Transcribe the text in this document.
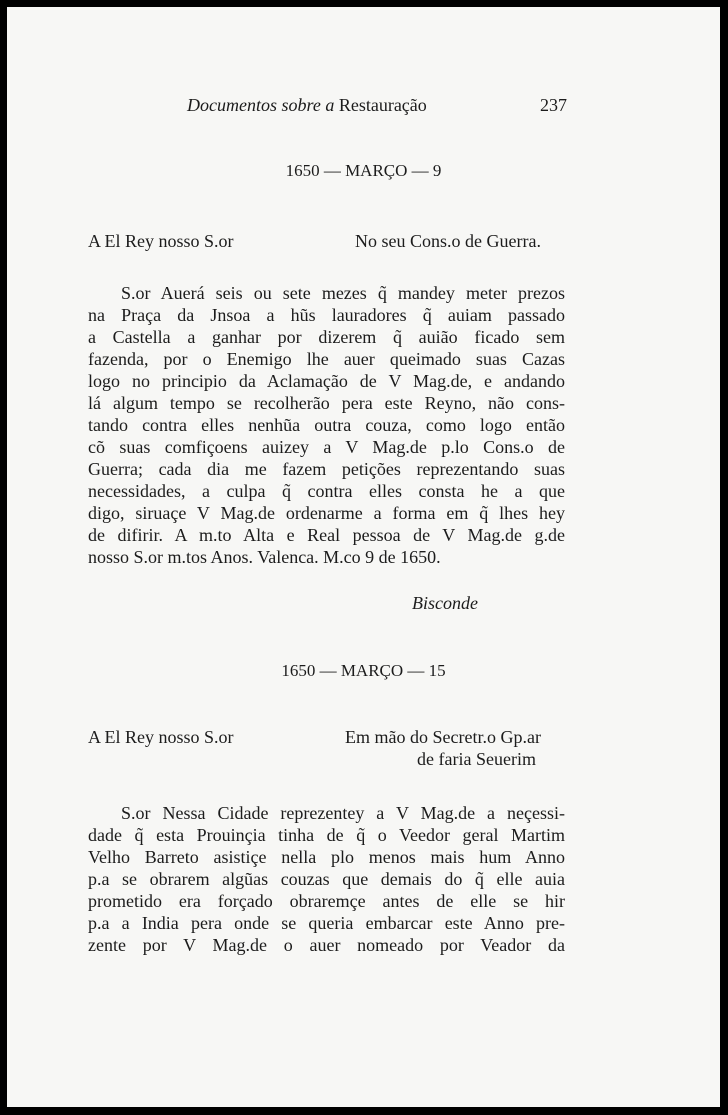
Documentos sobre a Restauração	237
1650 — MARÇO — 9
A El Rey nosso S.or	No seu Cons.o de Guerra.
S.or Auerá seis ou sete mezes q̃ mandey meter prezos
na Praça da Jnsoa a hũs lauradores q̃ auiam passado
a Castella a ganhar por dizerem q̃ auião ficado sem
fazenda, por o Enemigo lhe auer queimado suas Cazas
logo no principio da Aclamação de V Mag.de, e andando
lá algum tempo se recolherão pera este Reyno, não cons-
tando contra elles nenhũa outra couza, como logo então
cõ suas comfiçoens auizey a V Mag.de p.lo Cons.o de
Guerra; cada dia me fazem petições reprezentando suas
necessidades, a culpa q̃ contra elles consta he a que
digo, siruaçe V Mag.de ordenarme a forma em q̃ lhes hey
de difirir. A m.to Alta e Real pessoa de V Mag.de g.de
nosso S.or m.tos Anos. Valenca. M.co 9 de 1650.
Bisconde
1650 — MARÇO — 15
A El Rey nosso S.or	Em mão do Secretr.o Gp.ar
de faria Seuerim
S.or Nessa Cidade reprezentey a V Mag.de a neçessi-
dade q̃ esta Prouinçia tinha de q̃ o Veedor geral Martim
Velho Barreto asistiçe nella plo menos mais hum Anno
p.a se obrarem algũas couzas que demais do q̃ elle auia
prometido era forçado obraremçe antes de elle se hir
p.a a India pera onde se queria embarcar este Anno pre-
zente por V Mag.de o auer nomeado por Veador da
